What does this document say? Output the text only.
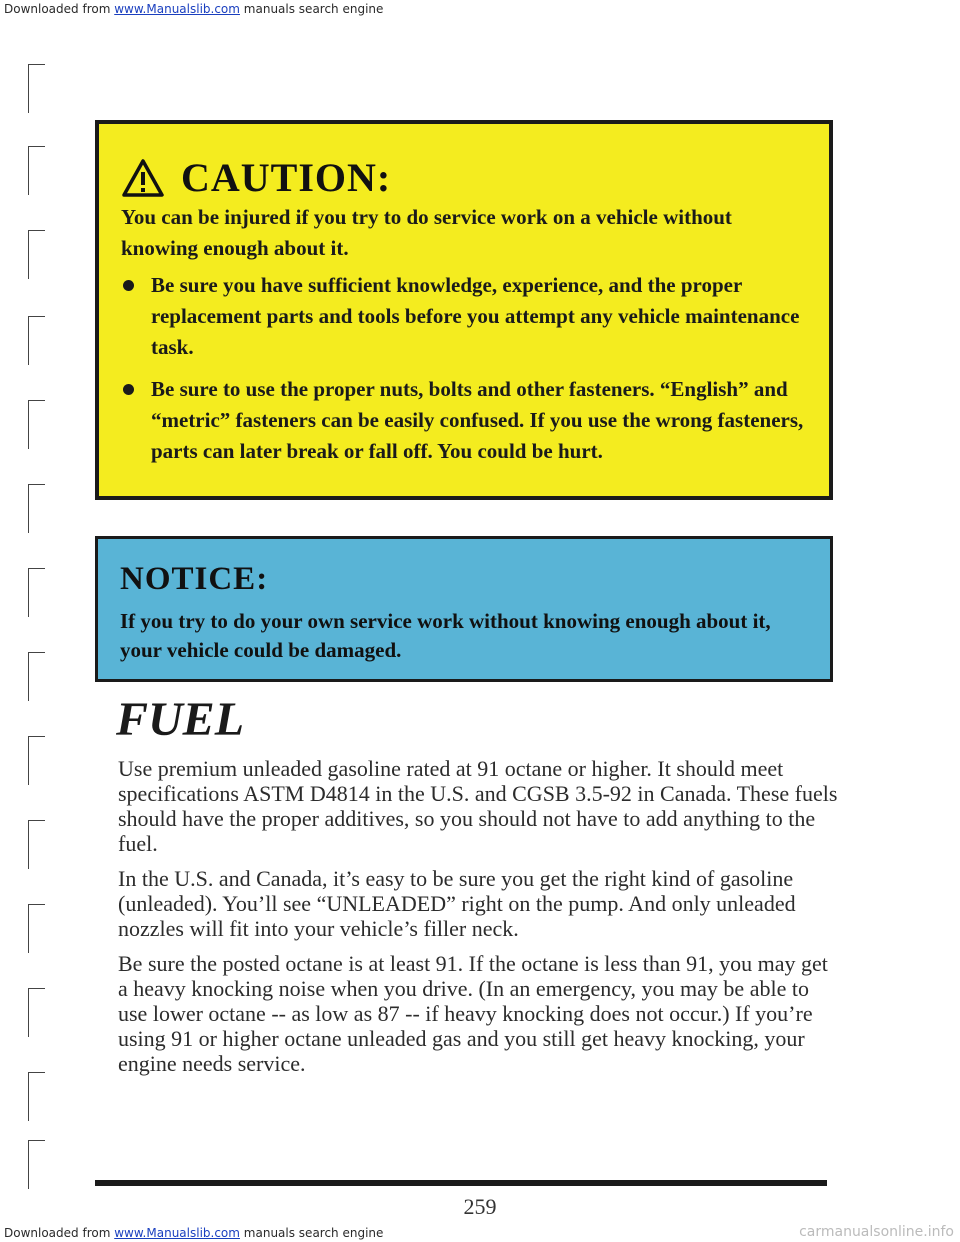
Downloaded from www.Manualslib.com manuals search engine
CAUTION:
You can be injured if you try to do service work on a vehicle without knowing enough about it.
Be sure you have sufficient knowledge, experience, and the proper replacement parts and tools before you attempt any vehicle maintenance task.
Be sure to use the proper nuts, bolts and other fasteners. “English” and “metric” fasteners can be easily confused. If you use the wrong fasteners, parts can later break or fall off. You could be hurt.
NOTICE:
If you try to do your own service work without knowing enough about it, your vehicle could be damaged.
FUEL

Use premium unleaded gasoline rated at 91 octane or higher. It should meet specifications ASTM D4814 in the U.S. and CGSB 3.5-92 in Canada. These fuels should have the proper additives, so you should not have to add anything to the fuel.

In the U.S. and Canada, it’s easy to be sure you get the right kind of gasoline (unleaded). You’ll see “UNLEADED” right on the pump. And only unleaded nozzles will fit into your vehicle’s filler neck.

Be sure the posted octane is at least 91. If the octane is less than 91, you may get a heavy knocking noise when you drive. (In an emergency, you may be able to use lower octane -- as low as 87 -- if heavy knocking does not occur.) If you’re using 91 or higher octane unleaded gas and you still get heavy knocking, your engine needs service.

259
Downloaded from www.Manualslib.com manuals search engine	carmanualsonline.info
